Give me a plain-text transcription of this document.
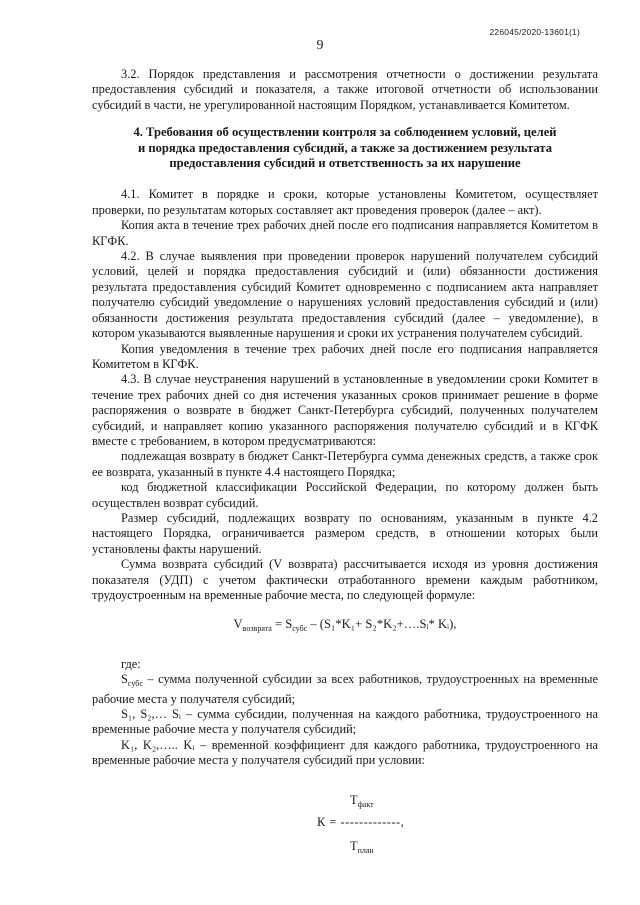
226045/2020-13601(1)
9

3.2. Порядок представления и рассмотрения отчетности о достижении результата предоставления субсидий и показателя, а также итоговой отчетности об использовании субсидий в части, не урегулированной настоящим Порядком, устанавливается Комитетом.

4. Требования об осуществлении контроля за соблюдением условий, целей
и порядка предоставления субсидий, а также за достижением результата
предоставления субсидий и ответственность за их нарушение

4.1. Комитет в порядке и сроки, которые установлены Комитетом, осуществляет проверки, по результатам которых составляет акт проведения проверок (далее – акт).

Копия акта в течение трех рабочих дней после его подписания направляется Комитетом в КГФК.

4.2. В случае выявления при проведении проверок нарушений получателем субсидий условий, целей и порядка предоставления субсидий и (или) обязанности достижения результата предоставления субсидий Комитет одновременно с подписанием акта направляет получателю субсидий уведомление о нарушениях условий предоставления субсидий и (или) обязанности достижения результата предоставления субсидий (далее – уведомление), в котором указываются выявленные нарушения и сроки их устранения получателем субсидий.

Копия уведомления в течение трех рабочих дней после его подписания направляется Комитетом в КГФК.

4.3. В случае неустранения нарушений в установленные в уведомлении сроки Комитет в течение трех рабочих дней со дня истечения указанных сроков принимает решение в форме распоряжения о возврате в бюджет Санкт-Петербурга субсидий, полученных получателем субсидий, и направляет копию указанного распоряжения получателю субсидий и в КГФК вместе с требованием, в котором предусматриваются:

подлежащая возврату в бюджет Санкт-Петербурга сумма денежных средств, а также срок ее возврата, указанный в пункте 4.4 настоящего Порядка;

код бюджетной классификации Российской Федерации, по которому должен быть осуществлен возврат субсидий.

Размер субсидий, подлежащих возврату по основаниям, указанным в пункте 4.2 настоящего Порядка, ограничивается размером средств, в отношении которых были установлены факты нарушений.

Сумма возврата субсидий (V возврата) рассчитывается исходя из уровня достижения показателя (УДП) с учетом фактически отработанного времени каждым работником, трудоустроенным на временные рабочие места, по следующей формуле:

$V_{возврата} = S_{субс} - (S_1*K_1+$ S₂*K₂+….Sᵢ* Kᵢ),

где:

$S_{субс}$ – сумма полученной субсидии за всех работников, трудоустроенных на временные рабочие места у получателя субсидий;

S₁, S₂,… Sᵢ – сумма субсидии, полученная на каждого работника, трудоустроенного на временные рабочие места у получателя субсидий;

K₁, K₂,….. Kᵢ – временной коэффициент для каждого работника, трудоустроенного на временные рабочие места у получателя субсидий при условии:

$Т_{факт}$
К = -------------,
$Т_{план}$
